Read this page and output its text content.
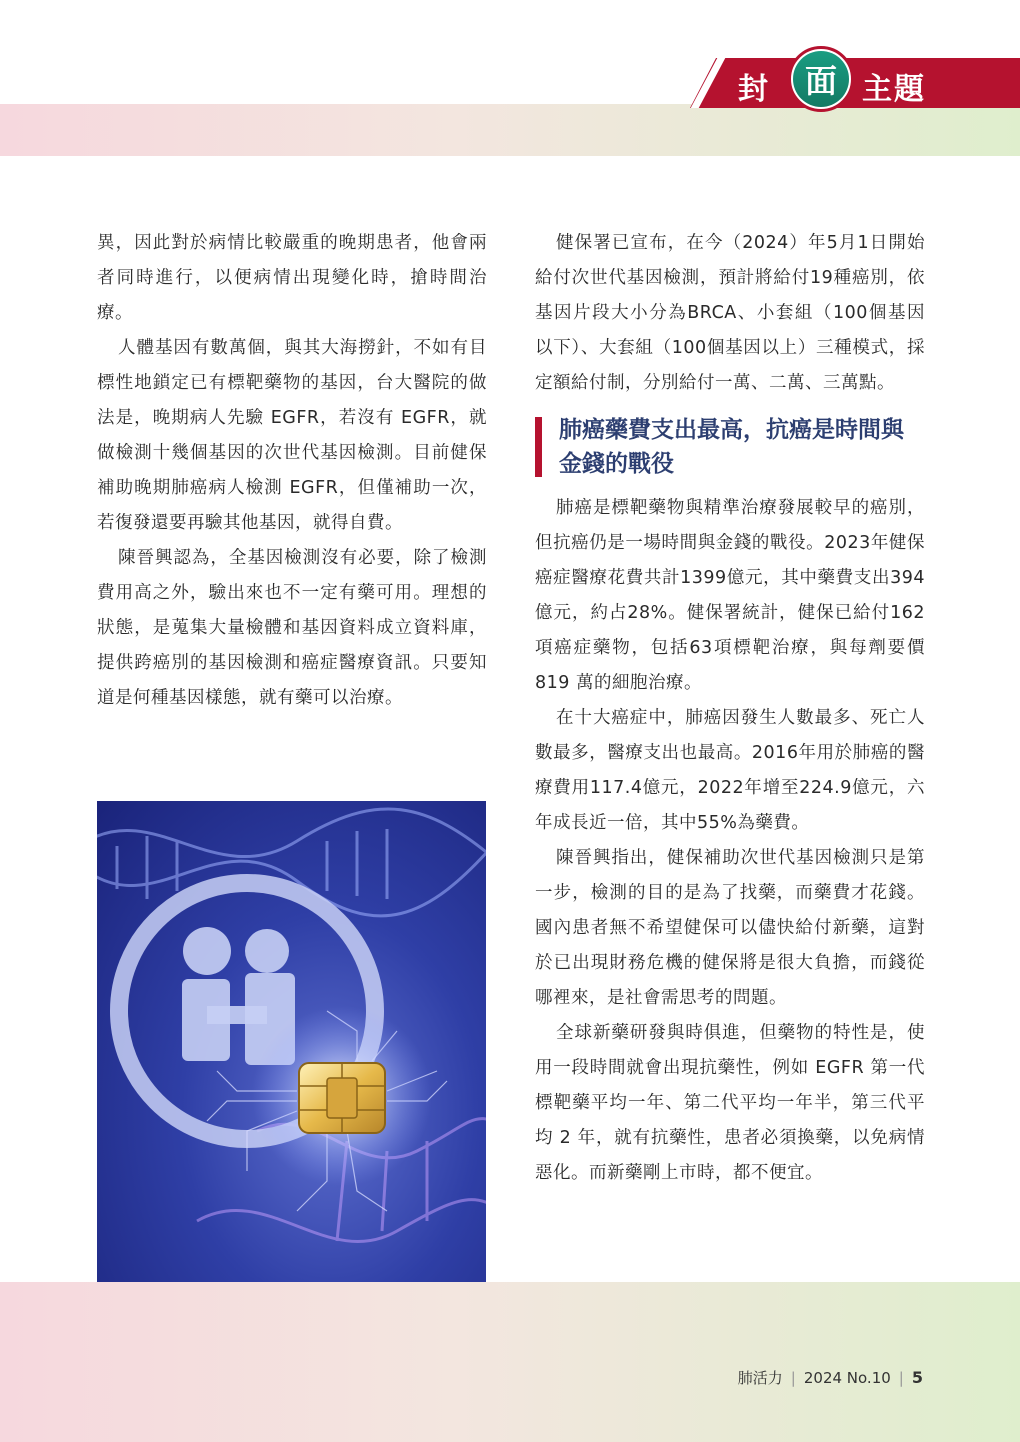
封	面 主題

異，因此對於病情比較嚴重的晚期患者，他會兩者同時進行，以便病情出現變化時，搶時間治療。

人體基因有數萬個，與其大海撈針，不如有目標性地鎖定已有標靶藥物的基因，台大醫院的做法是，晚期病人先驗 EGFR，若沒有 EGFR，就做檢測十幾個基因的次世代基因檢測。目前健保補助晚期肺癌病人檢測 EGFR，但僅補助一次，若復發還要再驗其他基因，就得自費。

陳晉興認為，全基因檢測沒有必要，除了檢測費用高之外，驗出來也不一定有藥可用。理想的狀態，是蒐集大量檢體和基因資料成立資料庫，提供跨癌別的基因檢測和癌症醫療資訊。只要知道是何種基因樣態，就有藥可以治療。

健保署已宣布，在今（2024）年5月1日開始給付次世代基因檢測，預計將給付19種癌別，依基因片段大小分為BRCA、小套組（100個基因以下）、大套組（100個基因以上）三種模式，採定額給付制，分別給付一萬、二萬、三萬點。

肺癌藥費支出最高，抗癌是時間與金錢的戰役

肺癌是標靶藥物與精準治療發展較早的癌別，但抗癌仍是一場時間與金錢的戰役。2023年健保癌症醫療花費共計1399億元，其中藥費支出394億元，約占28%。健保署統計，健保已給付162項癌症藥物，包括63項標靶治療，與每劑要價 819 萬的細胞治療。

在十大癌症中，肺癌因發生人數最多、死亡人數最多，醫療支出也最高。2016年用於肺癌的醫療費用117.4億元，2022年增至224.9億元，六年成長近一倍，其中55%為藥費。

陳晉興指出，健保補助次世代基因檢測只是第一步，檢測的目的是為了找藥，而藥費才花錢。國內患者無不希望健保可以儘快給付新藥，這對於已出現財務危機的健保將是很大負擔，而錢從哪裡來，是社會需思考的問題。

全球新藥研發與時俱進，但藥物的特性是，使用一段時間就會出現抗藥性，例如 EGFR 第一代標靶藥平均一年、第二代平均一年半，第三代平均 2 年，就有抗藥性，患者必須換藥，以免病情惡化。而新藥剛上市時，都不便宜。

肺活力 | 2024 No.10 | 5
